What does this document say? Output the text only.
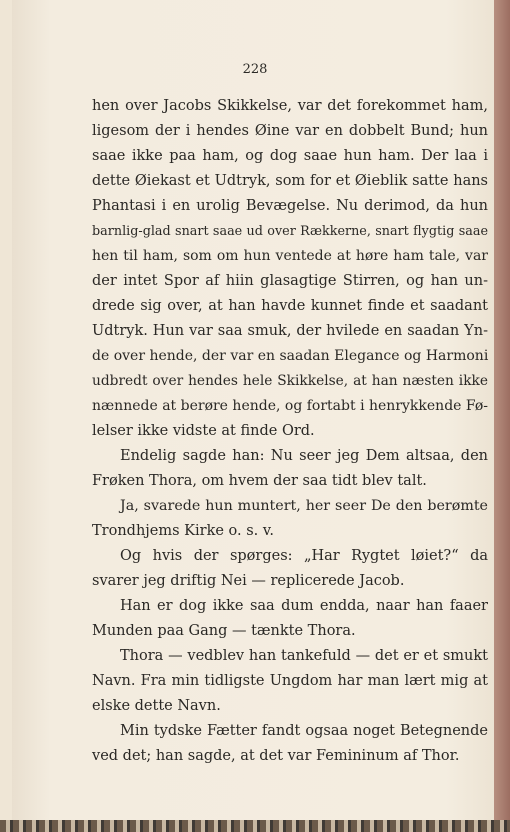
228
hen over Jacobs Skikkelse, var det forekommet ham,
ligesom der i hendes Øine var en dobbelt Bund; hun
saae ikke paa ham, og dog saae hun ham. Der laa i
dette Øiekast et Udtryk, som for et Øieblik satte hans
Phantasi i en urolig Bevægelse. Nu derimod, da hun
barnlig-glad snart saae ud over Rækkerne, snart flygtig saae
hen til ham, som om hun ventede at høre ham tale, var
der intet Spor af hiin glasagtige Stirren, og han un-
drede sig over, at han havde kunnet finde et saadant
Udtryk. Hun var saa smuk, der hvilede en saadan Yn-
de over hende, der var en saadan Elegance og Harmoni
udbredt over hendes hele Skikkelse, at han næsten ikke
nænnede at berøre hende, og fortabt i henrykkende Fø-
lelser ikke vidste at finde Ord.
Endelig sagde han: Nu seer jeg Dem altsaa, den
Frøken Thora, om hvem der saa tidt blev talt.
Ja, svarede hun muntert, her seer De den berømte
Trondhjems Kirke o. s. v.
Og hvis der spørges: „Har Rygtet løiet?“ da
svarer jeg driftig Nei — replicerede Jacob.
Han er dog ikke saa dum endda, naar han faaer
Munden paa Gang — tænkte Thora.
Thora — vedblev han tankefuld — det er et smukt
Navn. Fra min tidligste Ungdom har man lært mig at
elske dette Navn.
Min tydske Fætter fandt ogsaa noget Betegnende
ved det; han sagde, at det var Femininum af Thor.
